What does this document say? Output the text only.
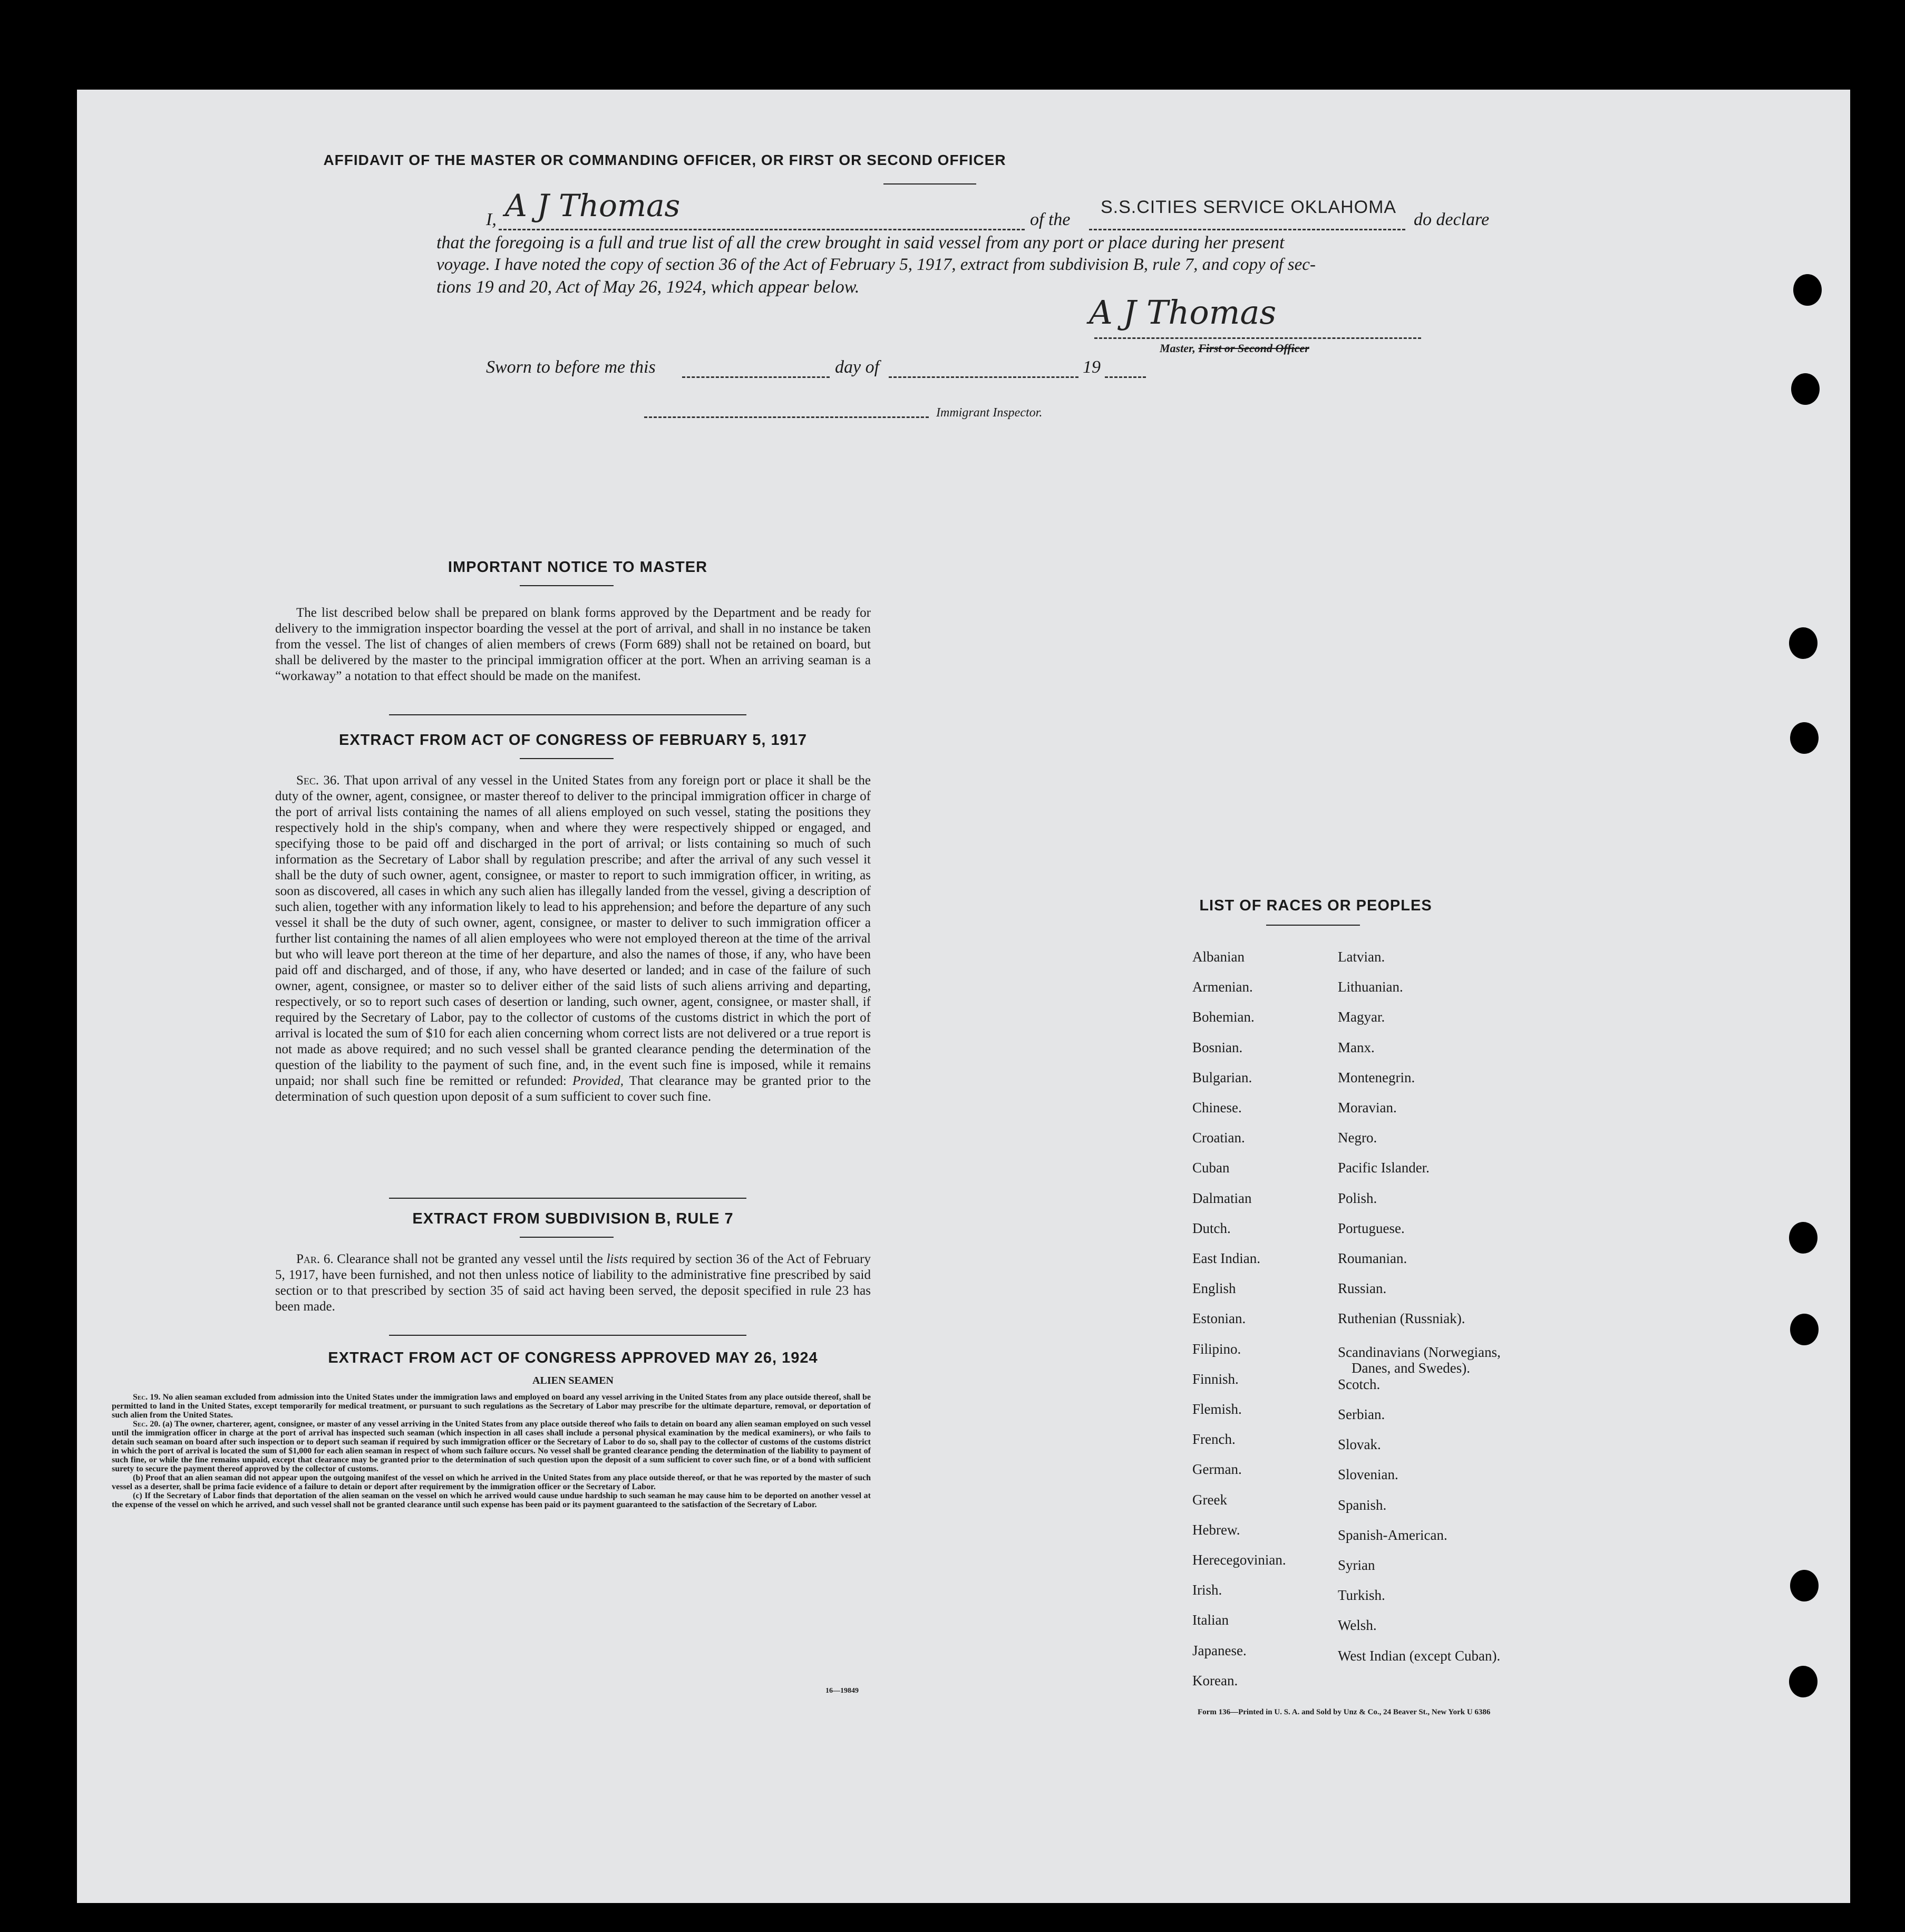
AFFIDAVIT OF THE MASTER OR COMMANDING OFFICER, OR FIRST OR SECOND OFFICER
I, A J Thomas	of the
S.S.CITIES SERVICE OKLAHOMA
do declare
that the foregoing is a full and true list of all the crew brought in said vessel from any port or place during her present
voyage. I have noted the copy of section 36 of the Act of February 5, 1917, extract from subdivision B, rule 7, and copy of sec-
tions 19 and 20, Act of May 26, 1924, which appear below.
A J Thomas
Master, First or Second Officer
Sworn to before me this	day of	19
Immigrant Inspector.
IMPORTANT NOTICE TO MASTER

The list described below shall be prepared on blank forms approved by the Department and be ready for delivery to the immigration inspector boarding the vessel at the port of arrival, and shall in no instance be taken from the vessel. The list of changes of alien members of crews (Form 689) shall not be retained on board, but shall be delivered by the master to the principal immigration officer at the port. When an arriving seaman is a “workaway” a notation to that effect should be made on the manifest.

EXTRACT FROM ACT OF CONGRESS OF FEBRUARY 5, 1917

Sec. 36. That upon arrival of any vessel in the United States from any foreign port or place it shall be the duty of the owner, agent, consignee, or master thereof to deliver to the principal immigration officer in charge of the port of arrival lists containing the names of all aliens employed on such vessel, stating the positions they respectively hold in the ship's company, when and where they were respectively shipped or engaged, and specifying those to be paid off and discharged in the port of arrival; or lists containing so much of such information as the Secretary of Labor shall by regulation prescribe; and after the arrival of any such vessel it shall be the duty of such owner, agent, consignee, or master to report to such immigration officer, in writing, as soon as discovered, all cases in which any such alien has illegally landed from the vessel, giving a description of such alien, together with any information likely to lead to his apprehension; and before the departure of any such vessel it shall be the duty of such owner, agent, consignee, or master to deliver to such immigration officer a further list containing the names of all alien employees who were not employed thereon at the time of the arrival but who will leave port thereon at the time of her departure, and also the names of those, if any, who have been paid off and discharged, and of those, if any, who have deserted or landed; and in case of the failure of such owner, agent, consignee, or master so to deliver either of the said lists of such aliens arriving and departing, respectively, or so to report such cases of desertion or landing, such owner, agent, consignee, or master shall, if required by the Secretary of Labor, pay to the collector of customs of the customs district in which the port of arrival is located the sum of $10 for each alien concerning whom correct lists are not delivered or a true report is not made as above required; and no such vessel shall be granted clearance pending the determination of the question of the liability to the payment of such fine, and, in the event such fine is imposed, while it remains unpaid; nor shall such fine be remitted or refunded: Provided, That clearance may be granted prior to the determination of such question upon deposit of a sum sufficient to cover such fine.

EXTRACT FROM SUBDIVISION B, RULE 7

Par. 6. Clearance shall not be granted any vessel until the lists required by section 36 of the Act of February 5, 1917, have been furnished, and not then unless notice of liability to the administrative fine prescribed by said section or to that prescribed by section 35 of said act having been served, the deposit specified in rule 23 has been made.

EXTRACT FROM ACT OF CONGRESS APPROVED MAY 26, 1924
ALIEN SEAMEN

Sec. 19. No alien seaman excluded from admission into the United States under the immigration laws and employed on board any vessel arriving in the United States from any place outside thereof, shall be permitted to land in the United States, except temporarily for medical treatment, or pursuant to such regulations as the Secretary of Labor may prescribe for the ultimate departure, removal, or deportation of such alien from the United States.

Sec. 20. (a) The owner, charterer, agent, consignee, or master of any vessel arriving in the United States from any place outside thereof who fails to detain on board any alien seaman employed on such vessel until the immigration officer in charge at the port of arrival has inspected such seaman (which inspection in all cases shall include a personal physical examination by the medical examiners), or who fails to detain such seaman on board after such inspection or to deport such seaman if required by such immigration officer or the Secretary of Labor to do so, shall pay to the collector of customs of the customs district in which the port of arrival is located the sum of $1,000 for each alien seaman in respect of whom such failure occurs. No vessel shall be granted clearance pending the determination of the liability to payment of such fine, or while the fine remains unpaid, except that clearance may be granted prior to the determination of such question upon the deposit of a sum sufficient to cover such fine, or of a bond with sufficient surety to secure the payment thereof approved by the collector of customs.

(b) Proof that an alien seaman did not appear upon the outgoing manifest of the vessel on which he arrived in the United States from any place outside thereof, or that he was reported by the master of such vessel as a deserter, shall be prima facie evidence of a failure to detain or deport after requirement by the immigration officer or the Secretary of Labor.

(c) If the Secretary of Labor finds that deportation of the alien seaman on the vessel on which he arrived would cause undue hardship to such seaman he may cause him to be deported on another vessel at the expense of the vessel on which he arrived, and such vessel shall not be granted clearance until such expense has been paid or its payment guaranteed to the satisfaction of the Secretary of Labor.

16—19849
LIST OF RACES OR PEOPLES
Form 136—Printed in U. S. A. and Sold by Unz & Co., 24 Beaver St., New York U 6386
Albanian
Armenian.
Bohemian.
Bosnian.
Bulgarian.
Chinese.
Croatian.
Cuban
Dalmatian
Dutch.
East Indian.
English
Estonian.
Filipino.
Finnish.
Flemish.
French.
German.
Greek
Hebrew.
Herecegovinian.
Irish.
Italian
Japanese.
Korean.
Latvian.
Lithuanian.
Magyar.
Manx.
Montenegrin.
Moravian.
Negro.
Pacific Islander.
Polish.
Portuguese.
Roumanian.
Russian.
Ruthenian (Russniak).
Scandinavians (Norwegians,
Danes, and Swedes).
Scotch.
Serbian.
Slovak.
Slovenian.
Spanish.
Spanish-American.
Syrian
Turkish.
Welsh.
West Indian (except Cuban).
